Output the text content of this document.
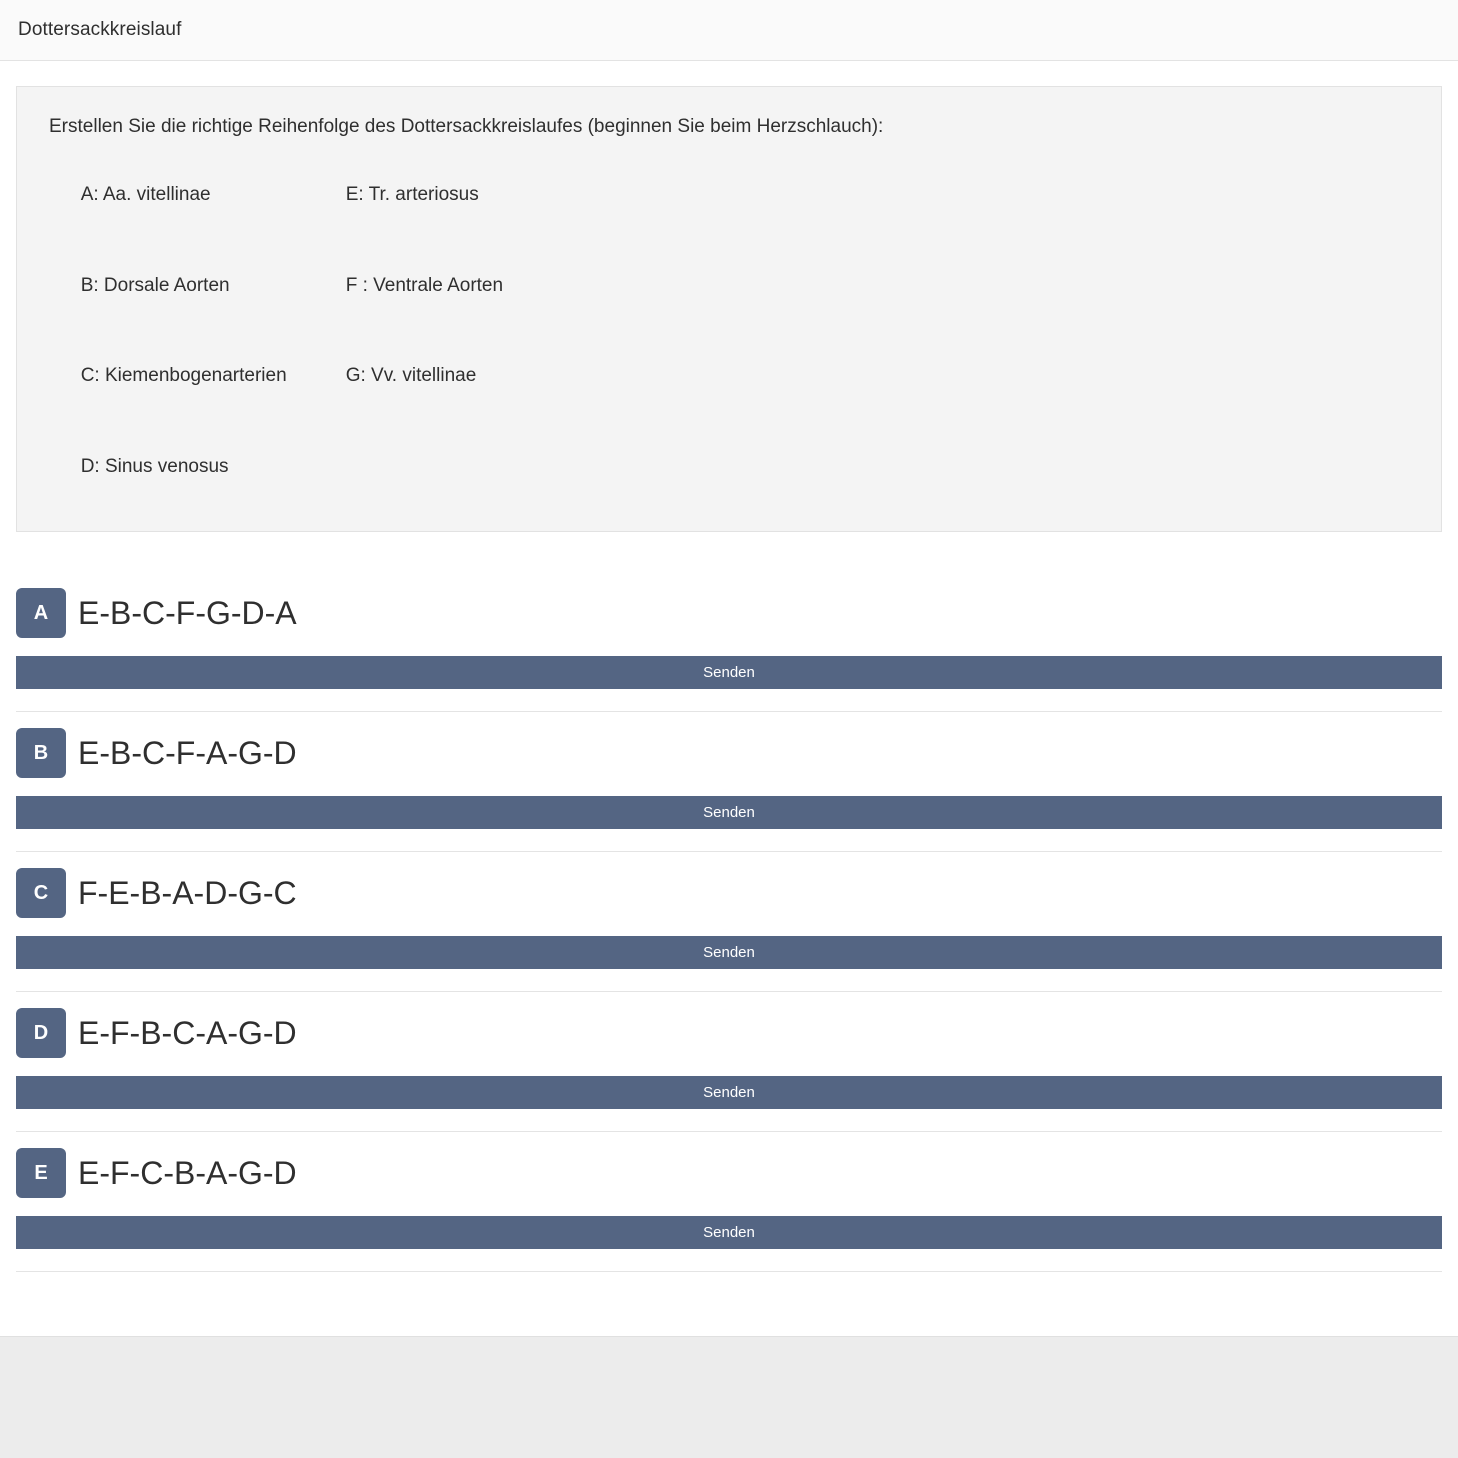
Dottersackkreislauf
Erstellen Sie die richtige Reihenfolge des Dottersackkreislaufes (beginnen Sie beim Herzschlauch):

A: Aa. vitellinae	E: Tr. arteriosus

B: Dorsale Aorten	F : Ventrale Aorten

C: Kiemenbogenarterien	G: Vv. vitellinae

D: Sinus venosus

A E-B-C-F-G-D-A
Senden
B E-B-C-F-A-G-D
Senden
C F-E-B-A-D-G-C
Senden
D E-F-B-C-A-G-D
Senden
E E-F-C-B-A-G-D
Senden
